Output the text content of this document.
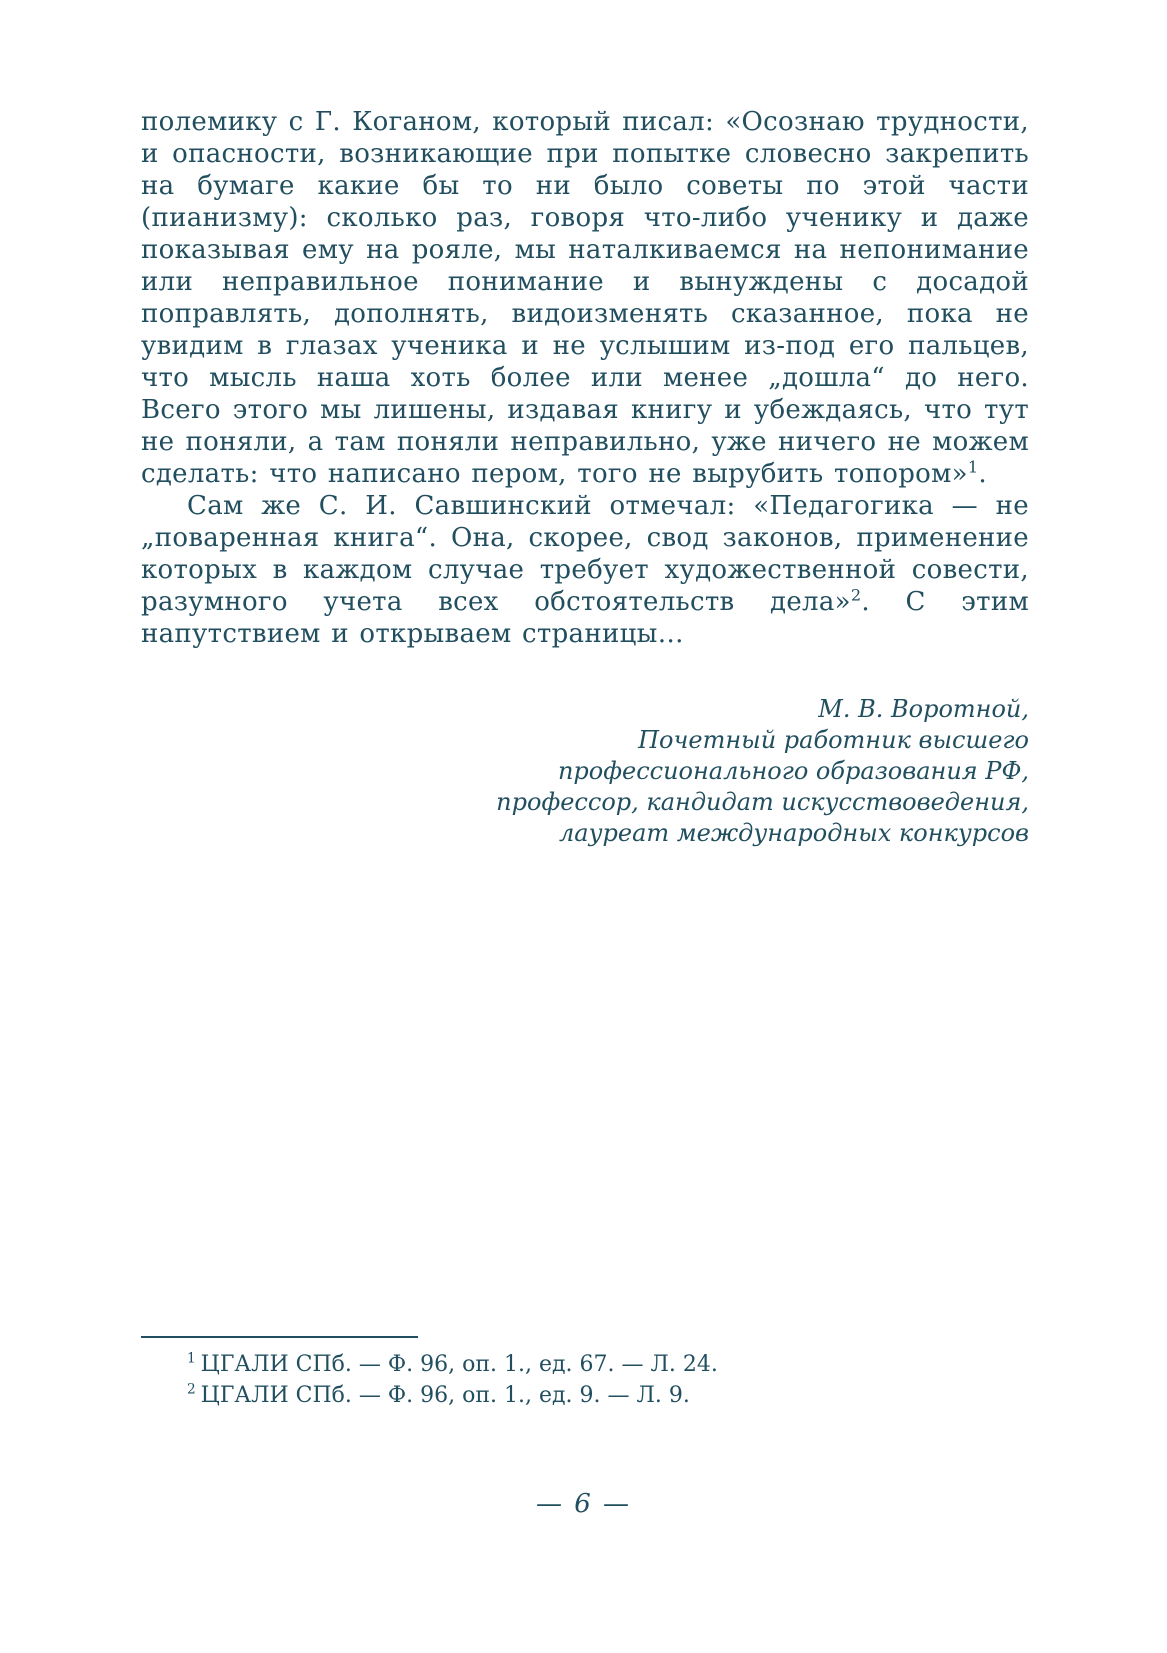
полемику с Г. Коганом, который писал: «Осознаю трудности, и опасности, возникающие при попытке словесно закрепить на бумаге какие бы то ни было советы по этой части (пианизму): сколько раз, говоря что-либо ученику и даже показывая ему на рояле, мы наталкиваемся на непонимание или неправильное понимание и вынуждены с досадой поправлять, дополнять, видоизменять сказанное, пока не увидим в глазах ученика и не услышим из-под его пальцев, что мысль наша хоть более или менее „дошла“ до него. Всего этого мы лишены, издавая книгу и убеждаясь, что тут не поняли, а там поняли неправильно, уже ничего не можем сделать: что написано пером, того не вырубить топором»$^1$.

Сам же С. И. Савшинский отмечал: «Педагогика — не „поваренная книга“. Она, скорее, свод законов, применение которых в каждом случае требует художественной совести, разумного учета всех обстоятельств дела»$^2$. С этим напутствием и открываем страницы…

М. В. Воротной,
Почетный работник высшего
профессионального образования РФ,
профессор, кандидат искусствоведения,
лауреат международных конкурсов
$^1$ ЦГАЛИ СПб. — Ф. 96, оп. 1., ед. 67. — Л. 24.
$^2$ ЦГАЛИ СПб. — Ф. 96, оп. 1., ед. 9. — Л. 9.
— 6 —
